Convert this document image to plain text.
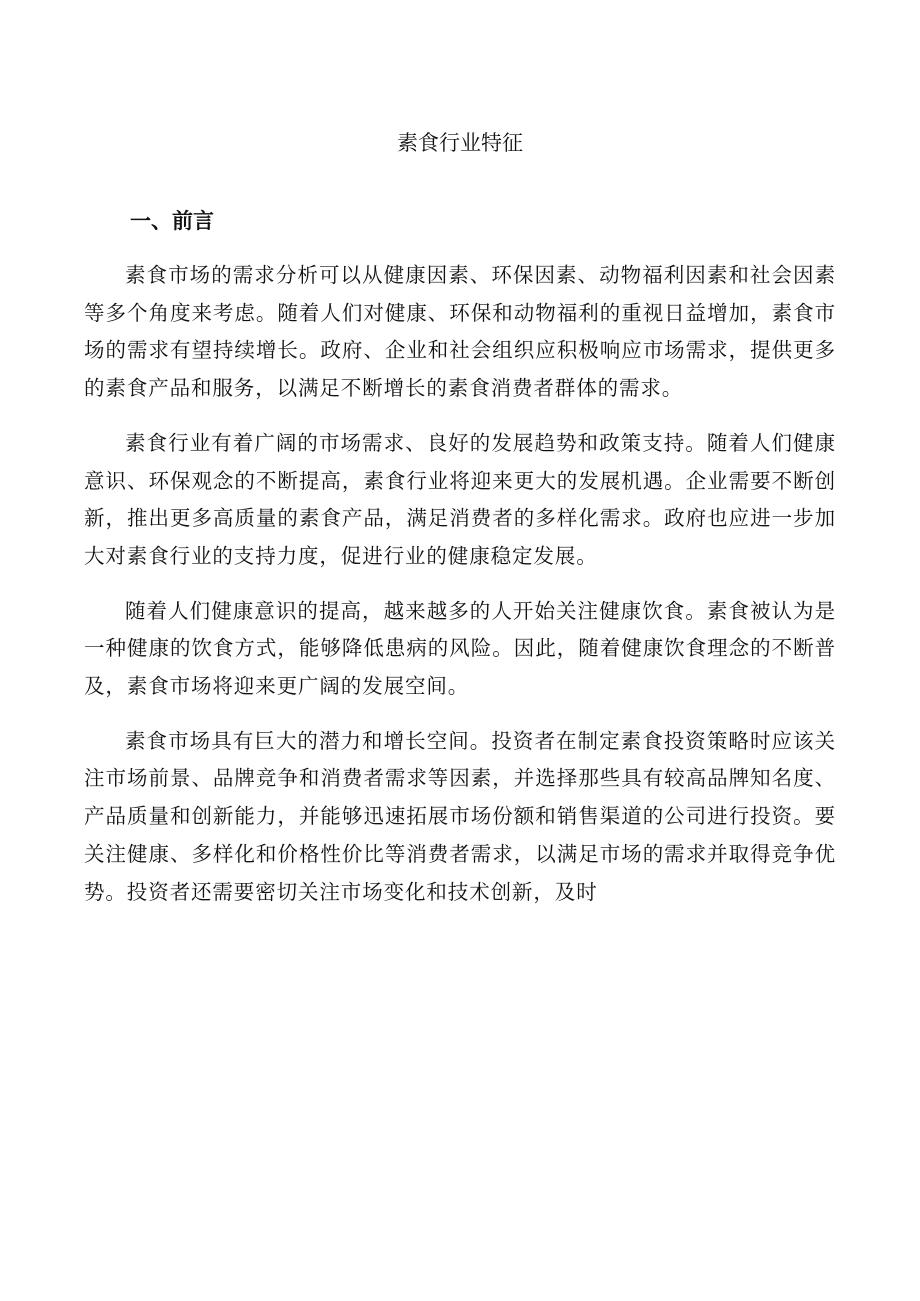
素食行业特征
一、前言

素食市场的需求分析可以从健康因素、环保因素、动物福利因素和社会因素等多个角度来考虑。随着人们对健康、环保和动物福利的重视日益增加，素食市场的需求有望持续增长。政府、企业和社会组织应积极响应市场需求，提供更多的素食产品和服务，以满足不断增长的素食消费者群体的需求。

素食行业有着广阔的市场需求、良好的发展趋势和政策支持。随着人们健康意识、环保观念的不断提高，素食行业将迎来更大的发展机遇。企业需要不断创新，推出更多高质量的素食产品，满足消费者的多样化需求。政府也应进一步加大对素食行业的支持力度，促进行业的健康稳定发展。

随着人们健康意识的提高，越来越多的人开始关注健康饮食。素食被认为是一种健康的饮食方式，能够降低患病的风险。因此，随着健康饮食理念的不断普及，素食市场将迎来更广阔的发展空间。

素食市场具有巨大的潜力和增长空间。投资者在制定素食投资策略时应该关注市场前景、品牌竞争和消费者需求等因素，并选择那些具有较高品牌知名度、产品质量和创新能力，并能够迅速拓展市场份额和销售渠道的公司进行投资。要关注健康、多样化和价格性价比等消费者需求，以满足市场的需求并取得竞争优势。投资者还需要密切关注市场变化和技术创新，及时
